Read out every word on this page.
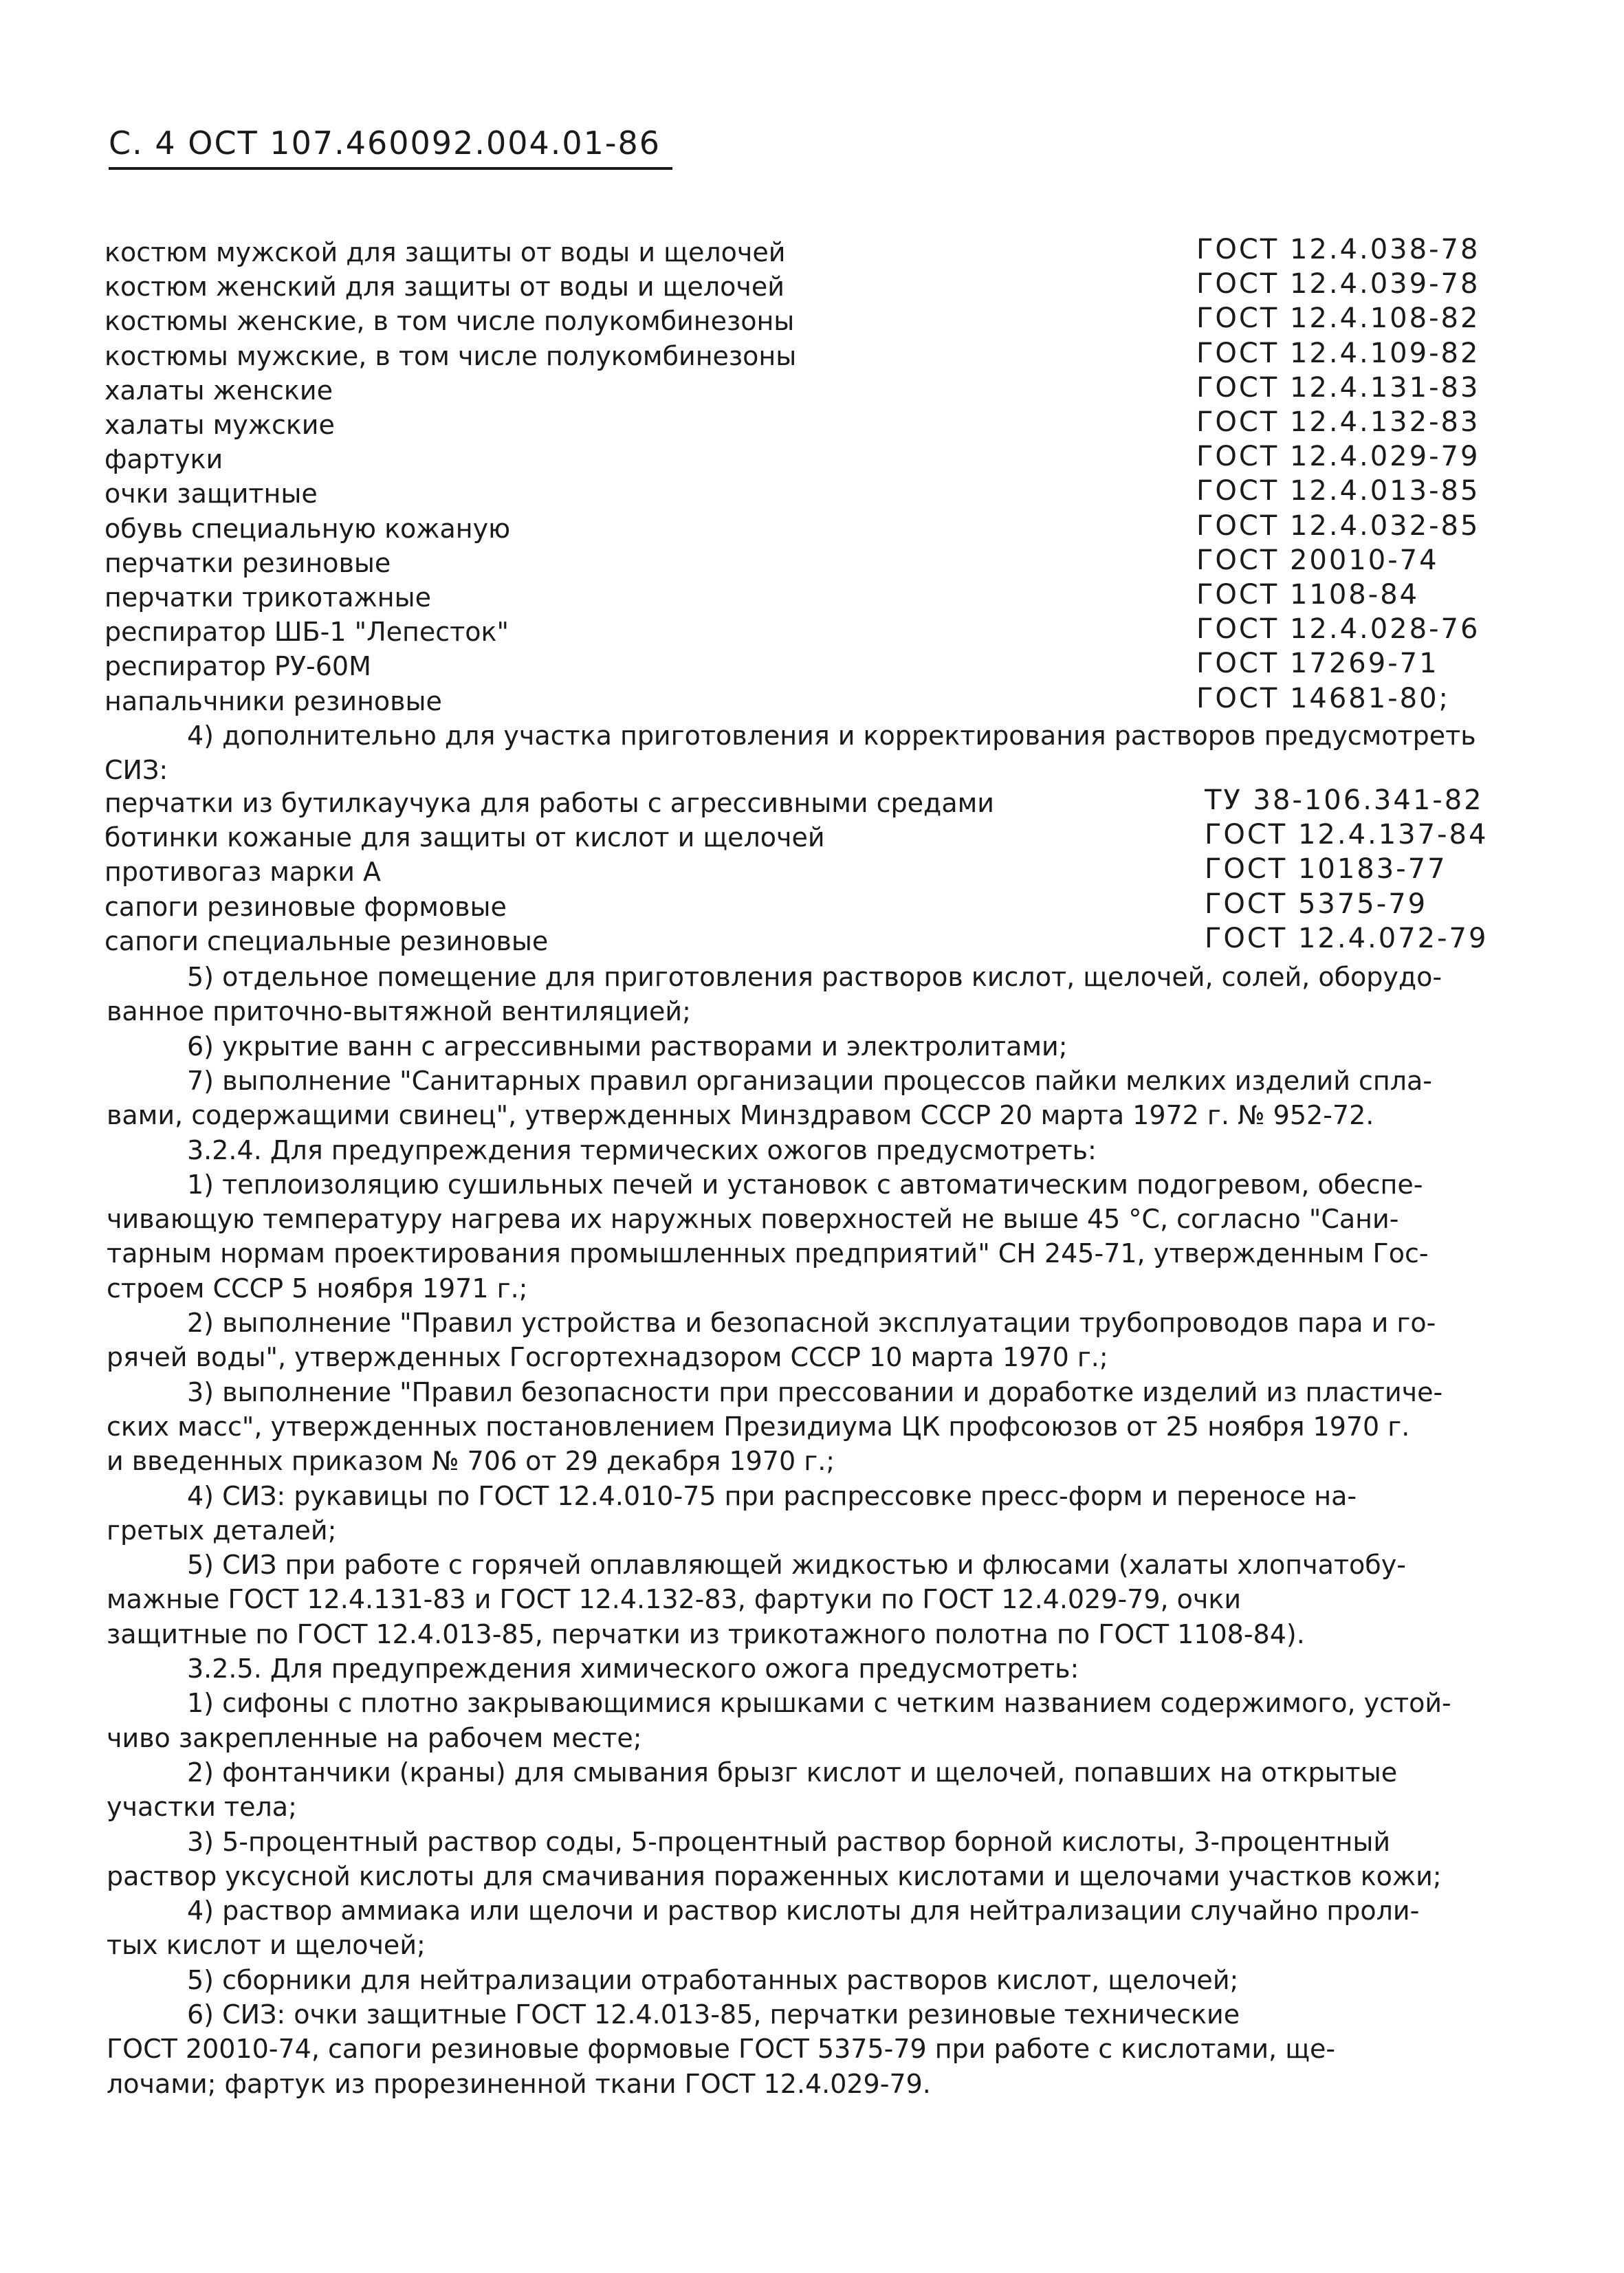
С. 4 ОСТ 107.460092.004.01-86
костюм мужской для защиты от воды и щелочей	ГОСТ 12.4.038-78
костюм женский для защиты от воды и щелочей	ГОСТ 12.4.039-78
костюмы женские, в том числе полукомбинезоны	ГОСТ 12.4.108-82
костюмы мужские, в том числе полукомбинезоны	ГОСТ 12.4.109-82
халаты женские	ГОСТ 12.4.131-83
халаты мужские	ГОСТ 12.4.132-83
фартуки	ГОСТ 12.4.029-79
очки защитные	ГОСТ 12.4.013-85
обувь специальную кожаную	ГОСТ 12.4.032-85
перчатки резиновые	ГОСТ 20010-74
перчатки трикотажные	ГОСТ 1108-84
респиратор ШБ-1 "Лепесток"	ГОСТ 12.4.028-76
респиратор РУ-60М	ГОСТ 17269-71
напальчники резиновые	ГОСТ 14681-80;
4) дополнительно для участка приготовления и корректирования растворов предусмотреть
СИЗ:
перчатки из бутилкаучука для работы с агрессивными средами	ТУ 38-106.341-82
ботинки кожаные для защиты от кислот и щелочей	ГОСТ 12.4.137-84
противогаз марки А	ГОСТ 10183-77
сапоги резиновые формовые	ГОСТ 5375-79
сапоги специальные резиновые	ГОСТ 12.4.072-79
5) отдельное помещение для приготовления растворов кислот, щелочей, солей, оборудо-
ванное приточно-вытяжной вентиляцией;
6) укрытие ванн с агрессивными растворами и электролитами;
7) выполнение "Санитарных правил организации процессов пайки мелких изделий спла-
вами, содержащими свинец", утвержденных Минздравом СССР 20 марта 1972 г. № 952-72.
3.2.4. Для предупреждения термических ожогов предусмотреть:
1) теплоизоляцию сушильных печей и установок с автоматическим подогревом, обеспе-
чивающую температуру нагрева их наружных поверхностей не выше 45 °С, согласно "Сани-
тарным нормам проектирования промышленных предприятий" СН 245-71, утвержденным Гос-
строем СССР 5 ноября 1971 г.;
2) выполнение "Правил устройства и безопасной эксплуатации трубопроводов пара и го-
рячей воды", утвержденных Госгортехнадзором СССР 10 марта 1970 г.;
3) выполнение "Правил безопасности при прессовании и доработке изделий из пластиче-
ских масс", утвержденных постановлением Президиума ЦК профсоюзов от 25 ноября 1970 г.
и введенных приказом № 706 от 29 декабря 1970 г.;
4) СИЗ: рукавицы по ГОСТ 12.4.010-75 при распрессовке пресс-форм и переносе на-
гретых деталей;
5) СИЗ при работе с горячей оплавляющей жидкостью и флюсами (халаты хлопчатобу-
мажные ГОСТ 12.4.131-83 и ГОСТ 12.4.132-83, фартуки по ГОСТ 12.4.029-79, очки
защитные по ГОСТ 12.4.013-85, перчатки из трикотажного полотна по ГОСТ 1108-84).
3.2.5. Для предупреждения химического ожога предусмотреть:
1) сифоны с плотно закрывающимися крышками с четким названием содержимого, устой-
чиво закрепленные на рабочем месте;
2) фонтанчики (краны) для смывания брызг кислот и щелочей, попавших на открытые
участки тела;
3) 5-процентный раствор соды, 5-процентный раствор борной кислоты, 3-процентный
раствор уксусной кислоты для смачивания пораженных кислотами и щелочами участков кожи;
4) раствор аммиака или щелочи и раствор кислоты для нейтрализации случайно проли-
тых кислот и щелочей;
5) сборники для нейтрализации отработанных растворов кислот, щелочей;
6) СИЗ: очки защитные ГОСТ 12.4.013-85, перчатки резиновые технические
ГОСТ 20010-74, сапоги резиновые формовые ГОСТ 5375-79 при работе с кислотами, ще-
лочами; фартук из прорезиненной ткани ГОСТ 12.4.029-79.
